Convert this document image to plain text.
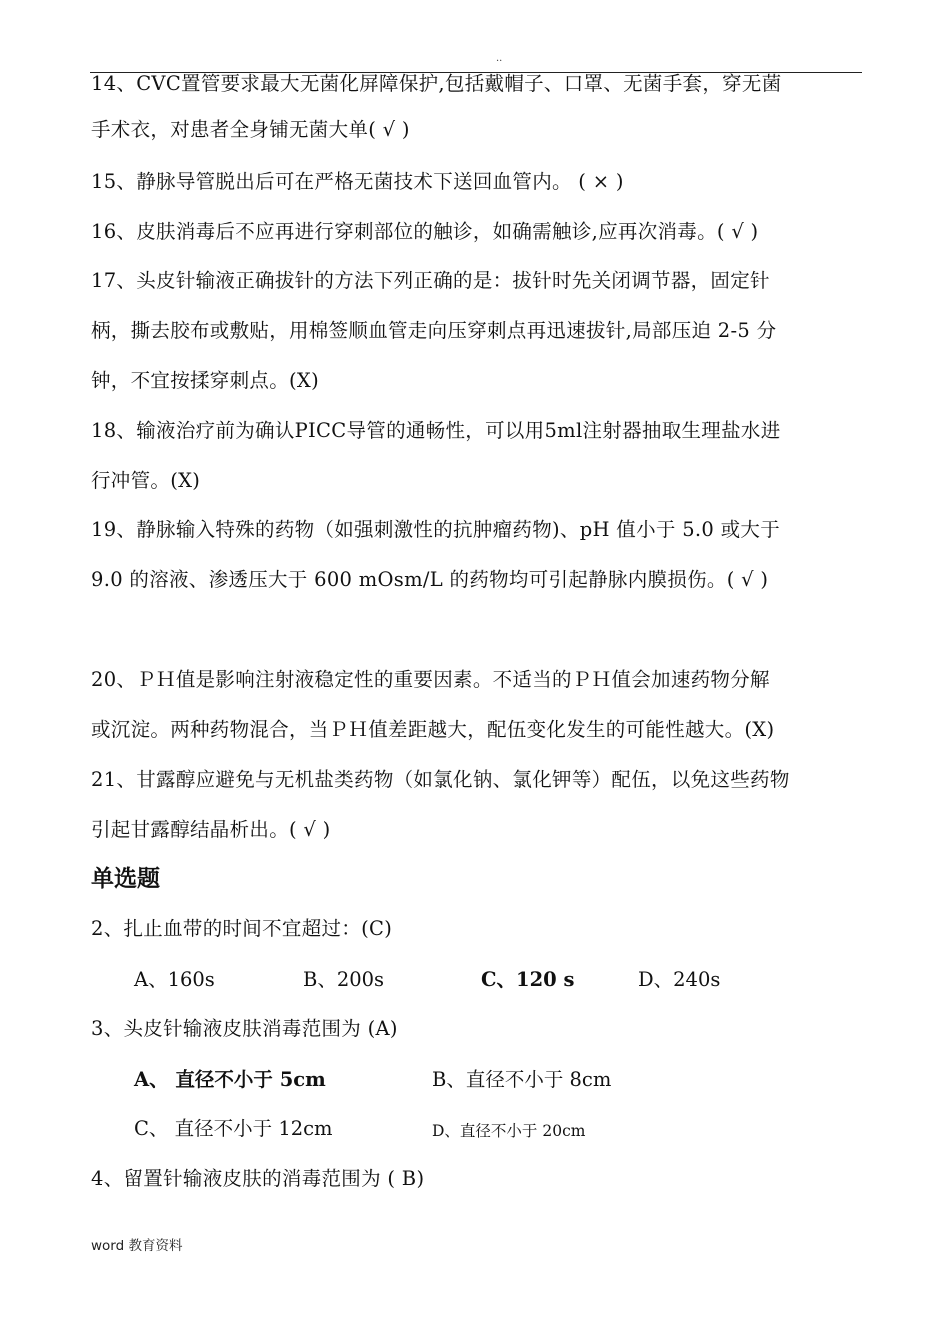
··
14、CVC置管要求最大无菌化屏障保护,包括戴帽子、口罩、无菌手套，穿无菌
手术衣，对患者全身铺无菌大单( √ )
15、静脉导管脱出后可在严格无菌技术下送回血管内。 ( × )
16、皮肤消毒后不应再进行穿刺部位的触诊，如确需触诊,应再次消毒。( √ )
17、头皮针输液正确拔针的方法下列正确的是：拔针时先关闭调节器，固定针
柄，撕去胶布或敷贴，用棉签顺血管走向压穿刺点再迅速拔针,局部压迫 2-5 分
钟，不宜按揉穿刺点。(X)
18、输液治疗前为确认PICC导管的通畅性，可以用5ml注射器抽取生理盐水进
行冲管。(X)
19、静脉输入特殊的药物（如强刺激性的抗肿瘤药物)、pH 值小于 5.0 或大于
9.0 的溶液、渗透压大于 600 mOsm/L 的药物均可引起静脉内膜损伤。( √ )
20、ＰＨ值是影响注射液稳定性的重要因素。不适当的ＰＨ值会加速药物分解
或沉淀。两种药物混合，当ＰＨ值差距越大，配伍变化发生的可能性越大。(X)
21、甘露醇应避免与无机盐类药物（如氯化钠、氯化钾等）配伍，以免这些药物
引起甘露醇结晶析出。( √ )
单选题
2、扎止血带的时间不宜超过：(C)
A、160s	B、200s	C、120 s	D、240s
3、头皮针输液皮肤消毒范围为 (A)
A、 直径不小于 5cm	B、直径不小于 8cm
C、 直径不小于 12cm	D、直径不小于 20cm
4、留置针输液皮肤的消毒范围为 ( B)
word 教育资料
